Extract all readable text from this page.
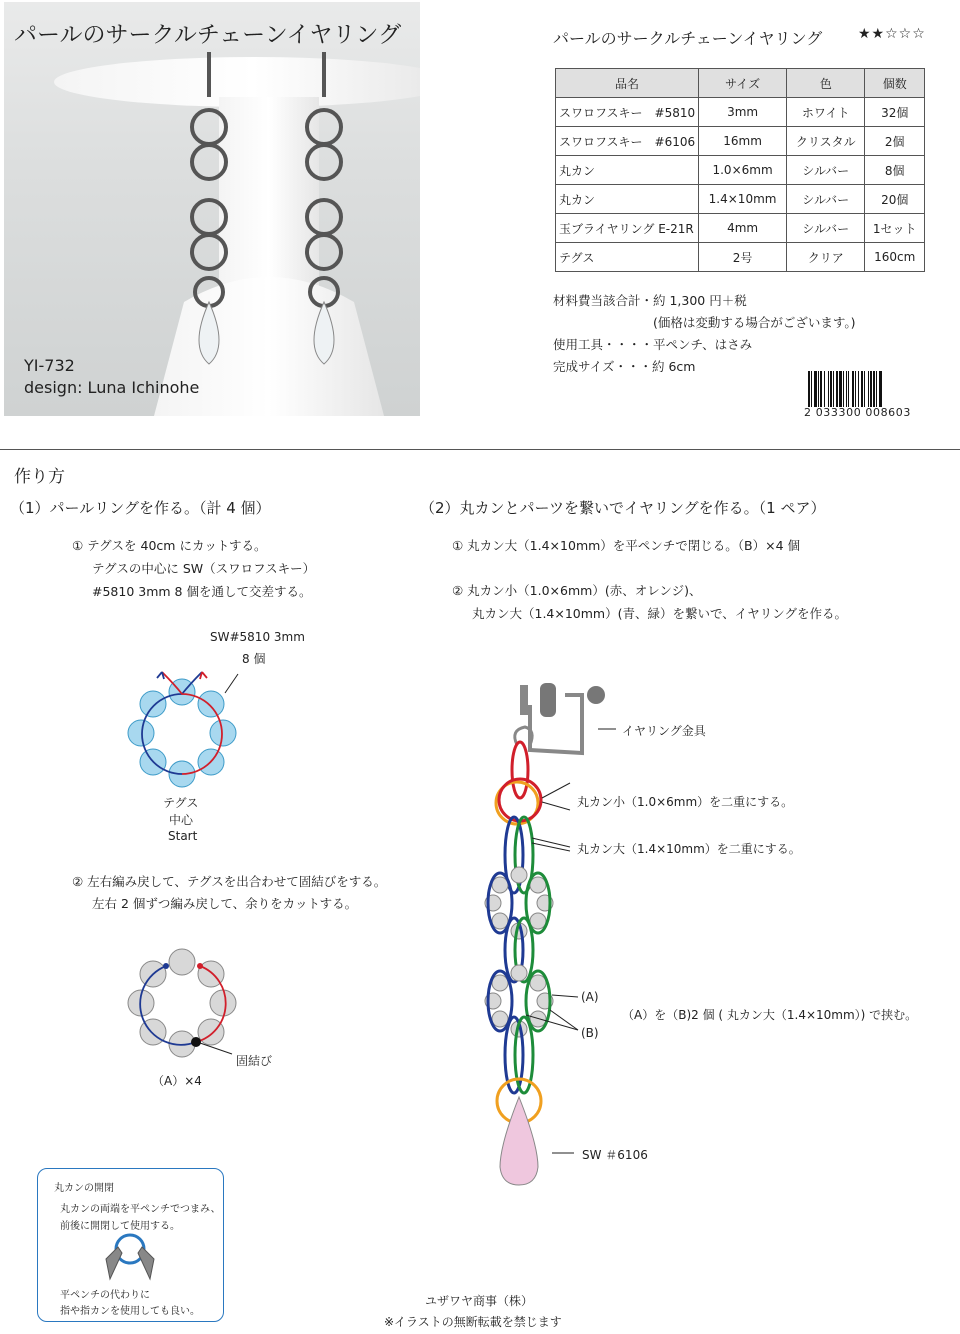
パールのサークルチェーンイヤリング
YI-732
design: Luna Ichinohe
パールのサークルチェーンイヤリング	★★☆☆☆
品名	サイズ	色	個数
スワロフスキー　#5810	3mm	ホワイト	32個
スワロフスキー　#6106	16mm	クリスタル	2個
丸カン	1.0×6mm	シルバー	8個
丸カン	1.4×10mm	シルバー	20個
玉ブライヤリング E-21R	4mm	シルバー	1セット
テグス	2号	クリア	160cm
材料費当該合計・約 1,300 円＋税
(価格は変動する場合がございます。)
使用工具・・・・平ペンチ、はさみ
完成サイズ・・・約 6cm
2 033300 008603
作り方
（1）パールリングを作る。（計 4 個）	（2）丸カンとパーツを繋いでイヤリングを作る。（1 ペア）
① テグスを 40cm にカットする。
テグスの中心に SW（スワロフスキー）
#5810 3mm 8 個を通して交差する。
SW#5810 3mm
8 個
テグス
中心
Start
② 左右編み戻して、テグスを出合わせて固結びをする。
左右 2 個ずつ編み戻して、余りをカットする。
固結び
（A）×4
① 丸カン大（1.4×10mm）を平ペンチで閉じる。（B）×4 個
② 丸カン小（1.0×6mm）(赤、オレンジ)、
丸カン大（1.4×10mm）(青、緑）を繋いで、イヤリングを作る。
イヤリング金具
丸カン小（1.0×6mm）を二重にする。
丸カン大（1.4×10mm）を二重にする。
(A)
(B)
（A）を（B)2 個 ( 丸カン大（1.4×10mm）) で挟む。
SW ＃6106
丸カンの開閉
丸カンの両端を平ペンチでつまみ、
前後に開閉して使用する。
平ペンチの代わりに
指や指カンを使用しても良い。
ユザワヤ商事（株）
※イラストの無断転載を禁じます
